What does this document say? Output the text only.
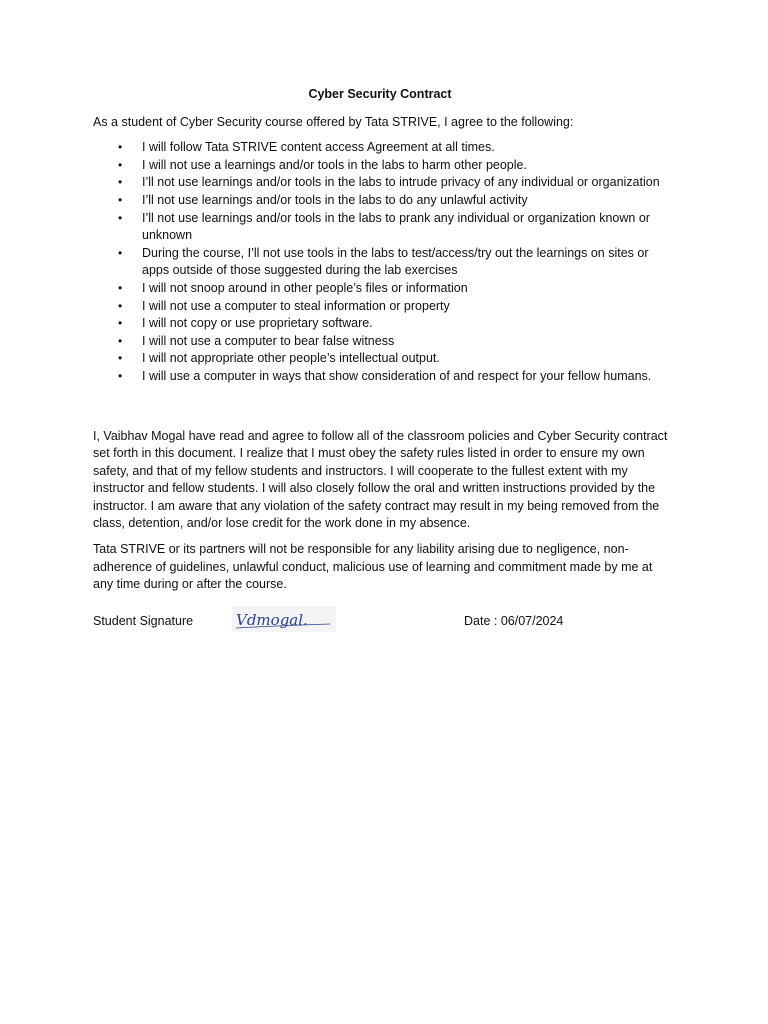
Cyber Security Contract
As a student of Cyber Security course offered by Tata STRIVE, I agree to the following:
• I will follow Tata STRIVE content access Agreement at all times.
• I will not use a learnings and/or tools in the labs to harm other people.
• I’ll not use learnings and/or tools in the labs to intrude privacy of any individual or organization
• I’ll not use learnings and/or tools in the labs to do any unlawful activity
• I’ll not use learnings and/or tools in the labs to prank any individual or organization known or unknown
• During the course, I’ll not use tools in the labs to test/access/try out the learnings on sites or apps outside of those suggested during the lab exercises
• I will not snoop around in other people’s files or information
• I will not use a computer to steal information or property
• I will not copy or use proprietary software.
• I will not use a computer to bear false witness
• I will not appropriate other people’s intellectual output.
• I will use a computer in ways that show consideration of and respect for your fellow humans.
I, Vaibhav Mogal have read and agree to follow all of the classroom policies and Cyber Security contract set forth in this document. I realize that I must obey the safety rules listed in order to ensure my own safety, and that of my fellow students and instructors. I will cooperate to the fullest extent with my instructor and fellow students. I will also closely follow the oral and written instructions provided by the instructor. I am aware that any violation of the safety contract may result in my being removed from the class, detention, and/or lose credit for the work done in my absence.
Tata STRIVE or its partners will not be responsible for any liability arising due to negligence, non-adherence of guidelines, unlawful conduct, malicious use of learning and commitment made by me at any time during or after the course.
Student Signature	Vdmogal.	Date : 06/07/2024
